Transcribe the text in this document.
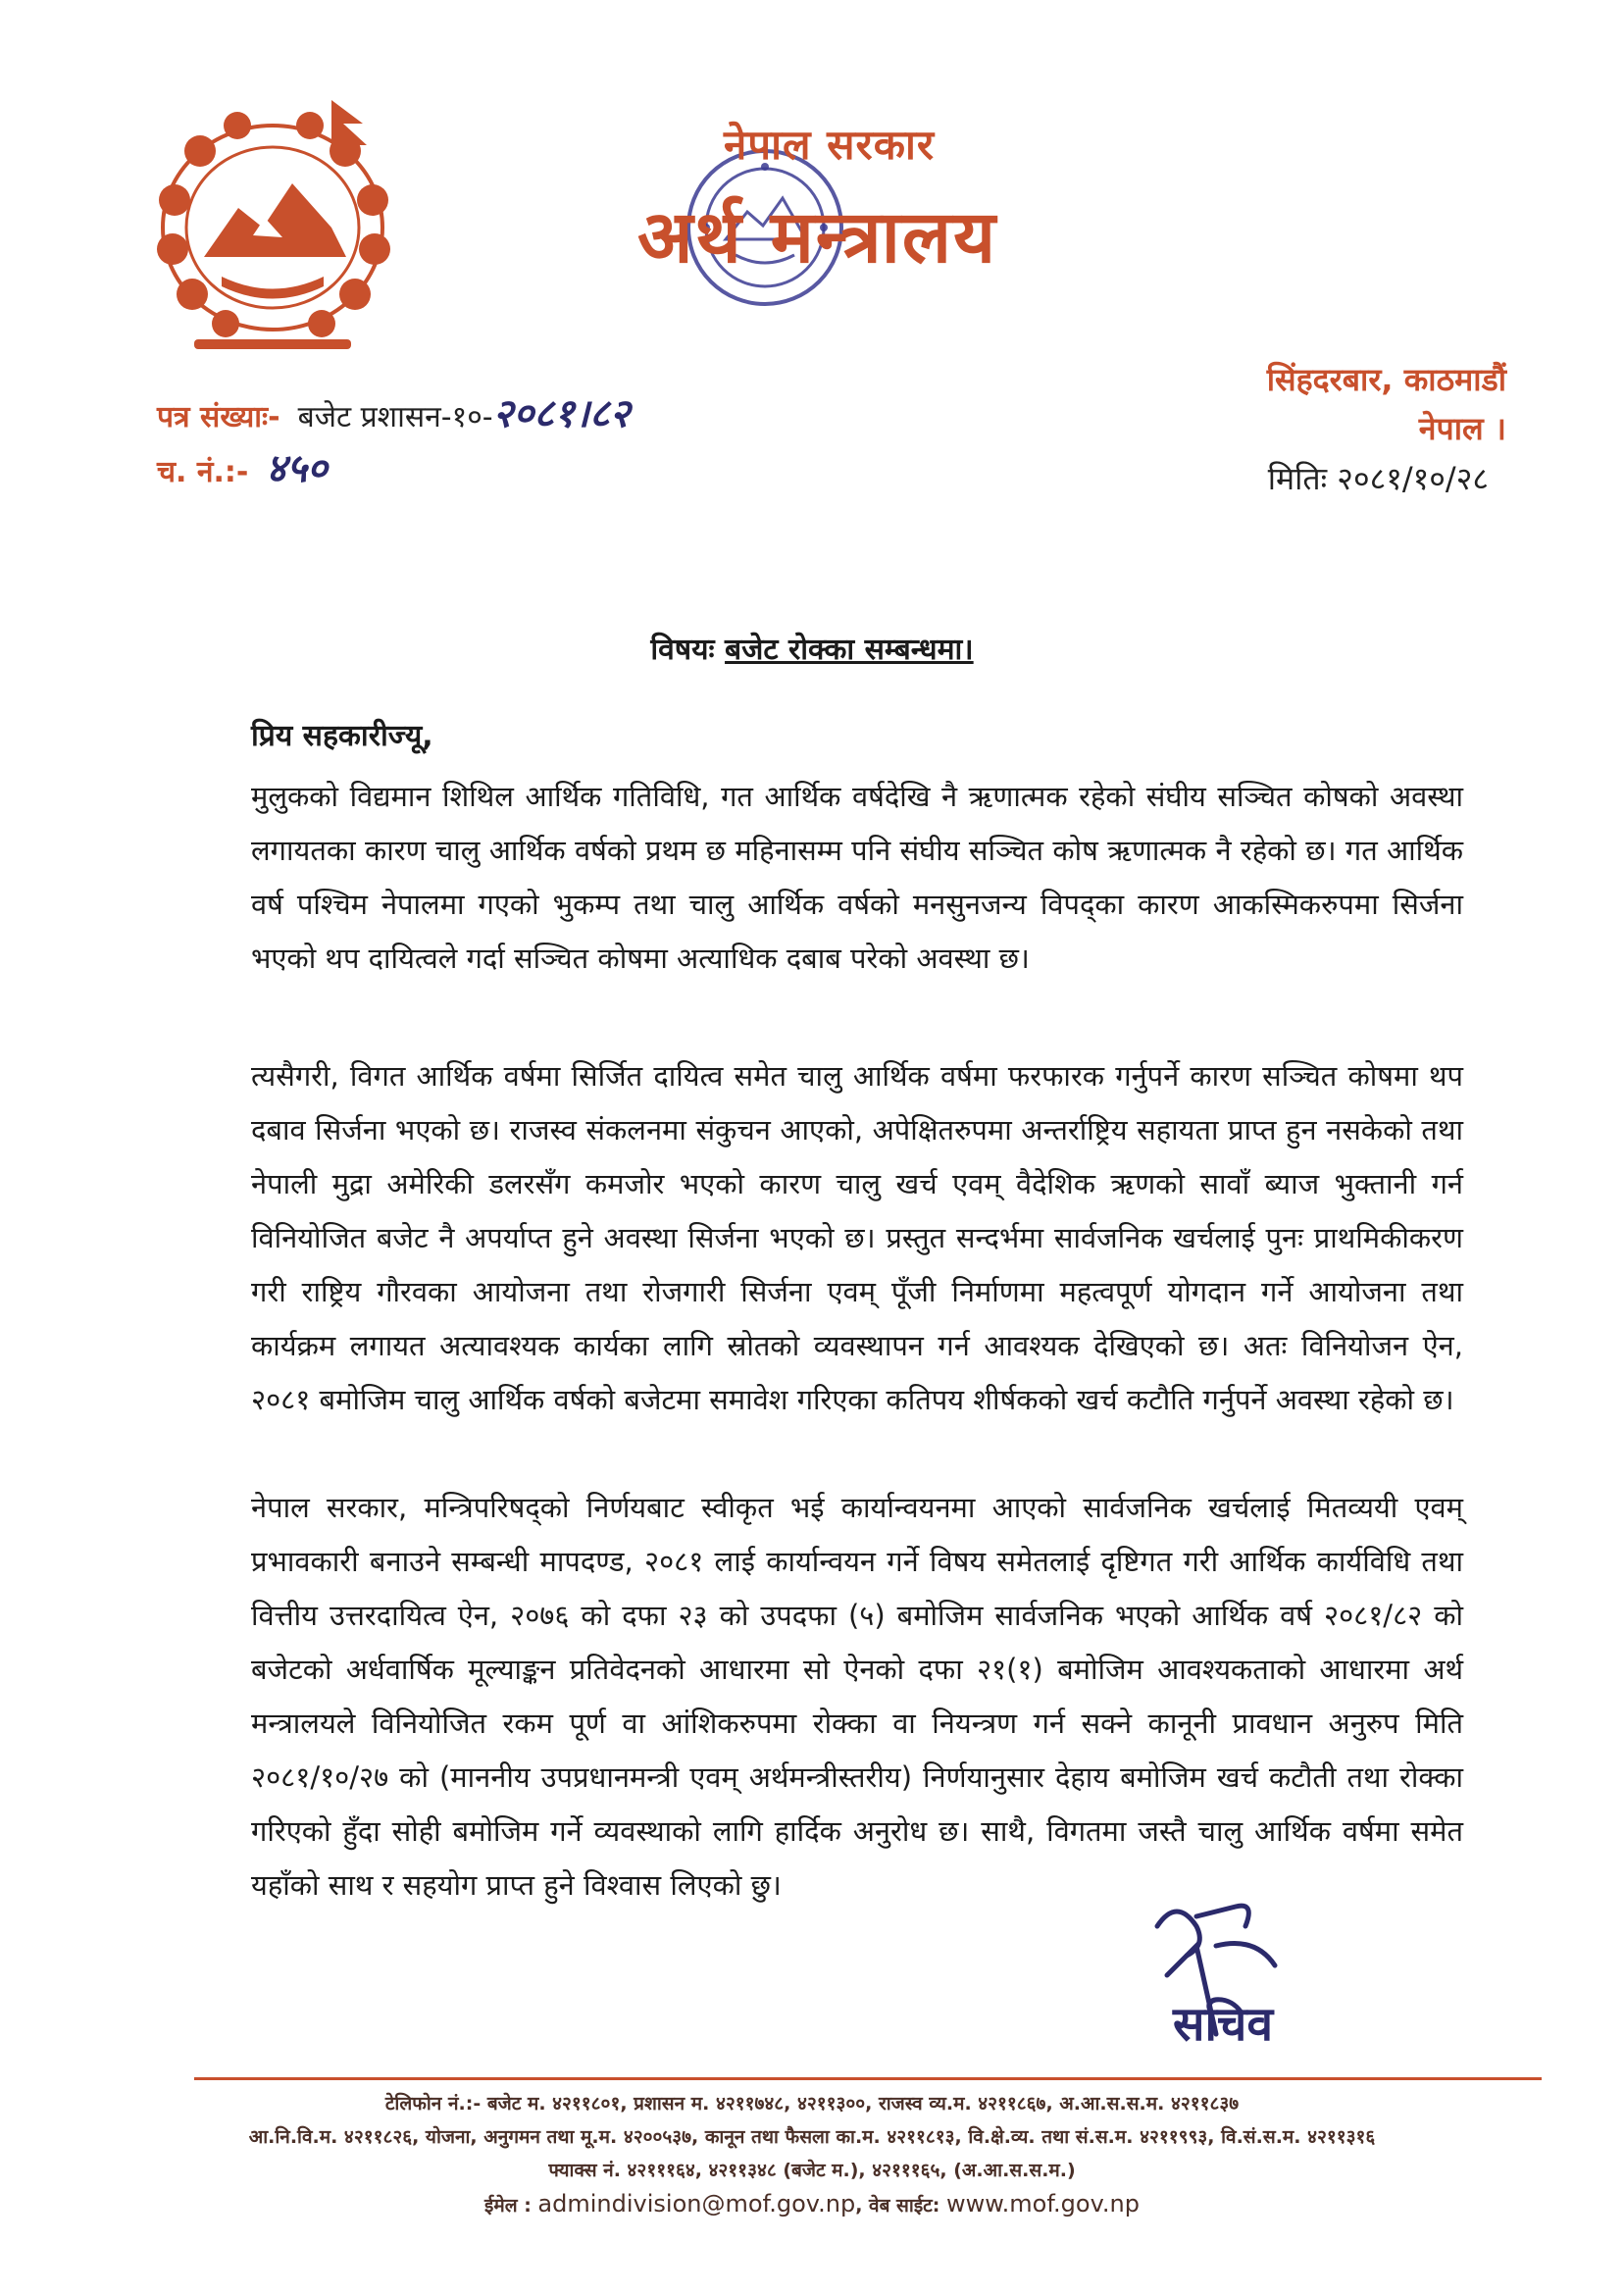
नेपाल सरकार
अर्थ मन्त्रालय
सिंहदरबार, काठमाडौं
नेपाल ।
पत्र संख्याः- बजेट प्रशासन-१०-२०८१।८२
च. नं.:- ४५०	मितिः २०८१/१०/२८
विषयः बजेट रोक्का सम्बन्धमा।
प्रिय सहकारीज्यू,
मुलुकको विद्यमान शिथिल आर्थिक गतिविधि, गत आर्थिक वर्षदेखि नै ऋणात्मक रहेको संघीय सञ्चित कोषको अवस्था लगायतका कारण चालु आर्थिक वर्षको प्रथम छ महिनासम्म पनि संघीय सञ्चित कोष ऋणात्मक नै रहेको छ। गत आर्थिक वर्ष पश्चिम नेपालमा गएको भुकम्प तथा चालु आर्थिक वर्षको मनसुनजन्य विपद्का कारण आकस्मिकरुपमा सिर्जना भएको थप दायित्वले गर्दा सञ्चित कोषमा अत्याधिक दबाब परेको अवस्था छ।
त्यसैगरी, विगत आर्थिक वर्षमा सिर्जित दायित्व समेत चालु आर्थिक वर्षमा फरफारक गर्नुपर्ने कारण सञ्चित कोषमा थप दबाव सिर्जना भएको छ। राजस्व संकलनमा संकुचन आएको, अपेक्षितरुपमा अन्तर्राष्ट्रिय सहायता प्राप्त हुन नसकेको तथा नेपाली मुद्रा अमेरिकी डलरसँग कमजोर भएको कारण चालु खर्च एवम् वैदेशिक ऋणको सावाँ ब्याज भुक्तानी गर्न विनियोजित बजेट नै अपर्याप्त हुने अवस्था सिर्जना भएको छ। प्रस्तुत सन्दर्भमा सार्वजनिक खर्चलाई पुनः प्राथमिकीकरण गरी राष्ट्रिय गौरवका आयोजना तथा रोजगारी सिर्जना एवम् पूँजी निर्माणमा महत्वपूर्ण योगदान गर्ने आयोजना तथा कार्यक्रम लगायत अत्यावश्यक कार्यका लागि स्रोतको व्यवस्थापन गर्न आवश्यक देखिएको छ। अतः विनियोजन ऐन, २०८१ बमोजिम चालु आर्थिक वर्षको बजेटमा समावेश गरिएका कतिपय शीर्षकको खर्च कटौति गर्नुपर्ने अवस्था रहेको छ।
नेपाल सरकार, मन्त्रिपरिषद्को निर्णयबाट स्वीकृत भई कार्यान्वयनमा आएको सार्वजनिक खर्चलाई मितव्ययी एवम् प्रभावकारी बनाउने सम्बन्धी मापदण्ड, २०८१ लाई कार्यान्वयन गर्ने विषय समेतलाई दृष्टिगत गरी आर्थिक कार्यविधि तथा वित्तीय उत्तरदायित्व ऐन, २०७६ को दफा २३ को उपदफा (५) बमोजिम सार्वजनिक भएको आर्थिक वर्ष २०८१/८२ को बजेटको अर्धवार्षिक मूल्याङ्कन प्रतिवेदनको आधारमा सो ऐनको दफा २१(१) बमोजिम आवश्यकताको आधारमा अर्थ मन्त्रालयले विनियोजित रकम पूर्ण वा आंशिकरुपमा रोक्का वा नियन्त्रण गर्न सक्ने कानूनी प्रावधान अनुरुप मिति २०८१/१०/२७ को (माननीय उपप्रधानमन्त्री एवम् अर्थमन्त्रीस्तरीय) निर्णयानुसार देहाय बमोजिम खर्च कटौती तथा रोक्का गरिएको हुँदा सोही बमोजिम गर्ने व्यवस्थाको लागि हार्दिक अनुरोध छ। साथै, विगतमा जस्तै चालु आर्थिक वर्षमा समेत यहाँको साथ र सहयोग प्राप्त हुने विश्वास लिएको छु।
सचिव
टेलिफोन नं.:- बजेट म. ४२११८०१, प्रशासन म. ४२११७४८, ४२११३००, राजस्व व्य.म. ४२११८६७, अ.आ.स.स.म. ४२११८३७
आ.नि.वि.म. ४२११८२६, योजना, अनुगमन तथा मू.म. ४२००५३७, कानून तथा फैसला का.म. ४२११८१३, वि.क्षे.व्य. तथा सं.स.म. ४२११९९३, वि.सं.स.म. ४२११३१६
फ्याक्स नं. ४२१११६४, ४२११३४८ (बजेट म.), ४२१११६५, (अ.आ.स.स.म.)
ईमेल : admindivision@mof.gov.np, वेब साईट: www.mof.gov.np
